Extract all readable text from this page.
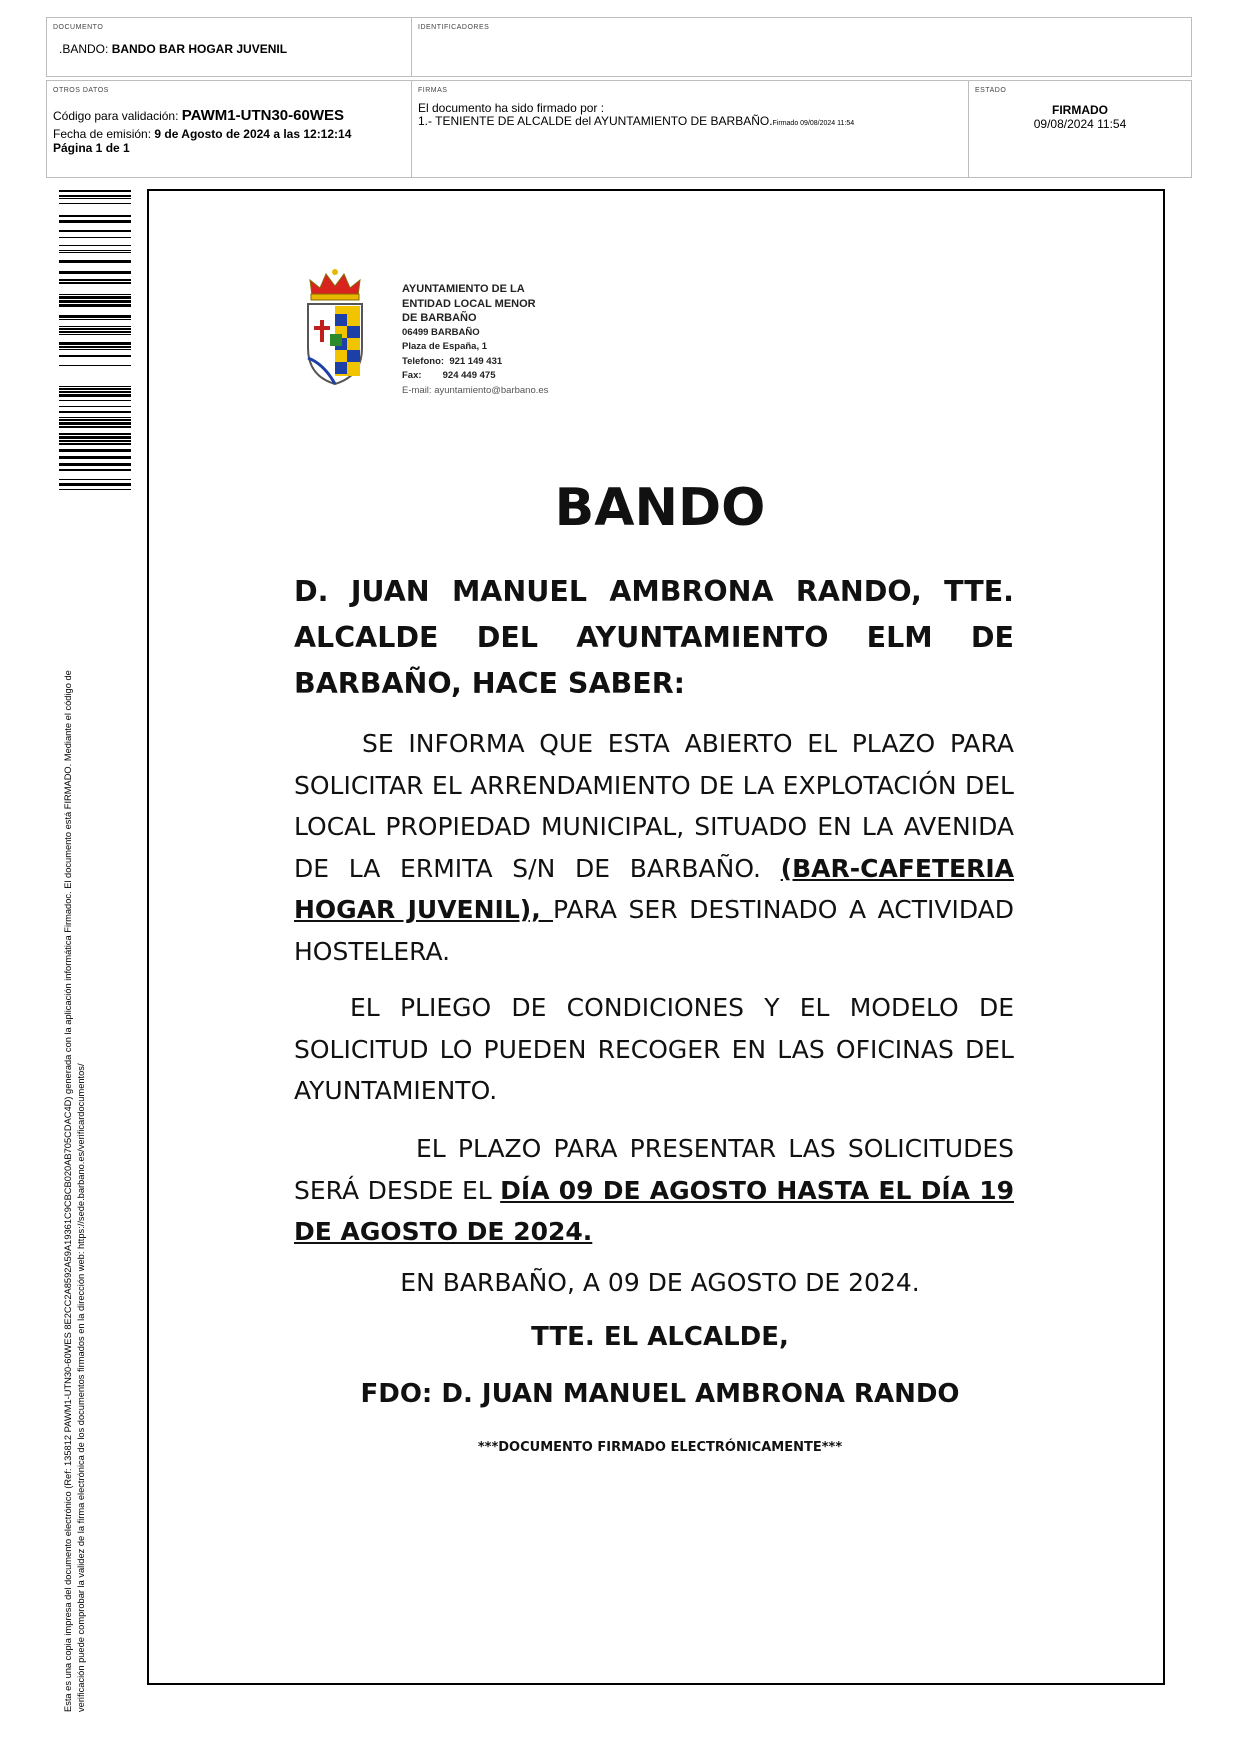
DOCUMENTO
.BANDO: BANDO BAR HOGAR JUVENIL
IDENTIFICADORES
OTROS DATOS
Código para validación: PAWM1-UTN30-60WES
Fecha de emisión: 9 de Agosto de 2024 a las 12:12:14
Página 1 de 1
FIRMAS
El documento ha sido firmado por :
1.- TENIENTE DE ALCALDE del AYUNTAMIENTO DE BARBAÑO.Firmado 09/08/2024 11:54
ESTADO
FIRMADO
09/08/2024 11:54
Esta es una copia impresa del documento electrónico (Ref: 135812 PAWM1-UTN30-60WES 8E2CC2A8592A59A19361C9CBCB020AB705CDAC4D) generada con la aplicación informática Firmadoc. El documento está FIRMADO. Mediante el código de verificación puede comprobar la validez de la firma electrónica de los documentos firmados en la dirección web: https://sede.barbano.es/verificardocumentos/
AYUNTAMIENTO DE LA
ENTIDAD LOCAL MENOR
DE BARBAÑO
06499 BARBAÑO
Plaza de España, 1
Telefono:  921 149 431
Fax:        924 449 475
E-mail: ayuntamiento@barbano.es
BANDO
D. JUAN MANUEL AMBRONA RANDO, TTE. ALCALDE DEL AYUNTAMIENTO ELM DE BARBAÑO, HACE SABER:
SE INFORMA QUE ESTA ABIERTO EL PLAZO PARA SOLICITAR EL ARRENDAMIENTO DE LA EXPLOTACIÓN DEL LOCAL PROPIEDAD MUNICIPAL, SITUADO EN LA AVENIDA DE LA ERMITA S/N DE BARBAÑO. (BAR-CAFETERIA HOGAR JUVENIL), PARA SER DESTINADO A ACTIVIDAD HOSTELERA.
EL PLIEGO DE CONDICIONES Y EL MODELO DE SOLICITUD LO PUEDEN RECOGER EN LAS OFICINAS DEL AYUNTAMIENTO.
EL PLAZO PARA PRESENTAR LAS SOLICITUDES SERÁ DESDE EL DÍA 09 DE AGOSTO HASTA EL DÍA 19 DE AGOSTO DE 2024.
EN BARBAÑO, A 09 DE AGOSTO DE 2024.
TTE. EL ALCALDE,
FDO: D. JUAN MANUEL AMBRONA RANDO
***DOCUMENTO FIRMADO ELECTRÓNICAMENTE***
